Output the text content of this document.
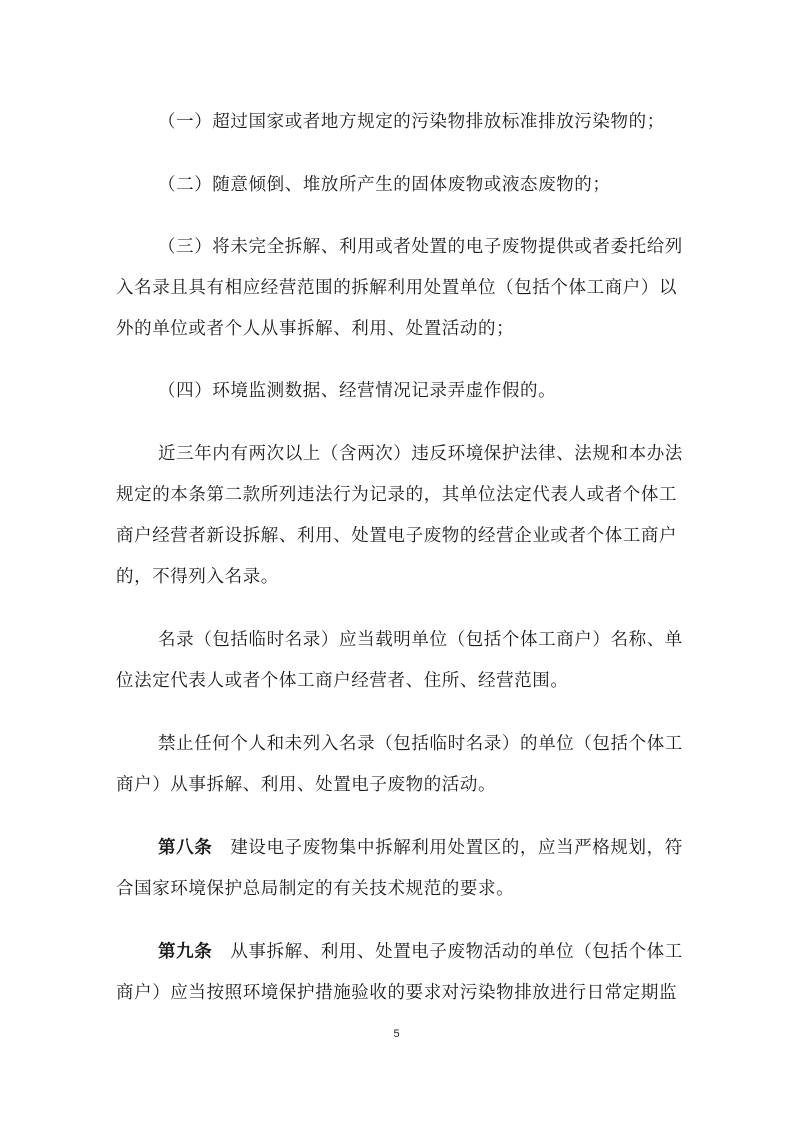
（一）超过国家或者地方规定的污染物排放标准排放污染物的；
（二）随意倾倒、堆放所产生的固体废物或液态废物的；
（三）将未完全拆解、利用或者处置的电子废物提供或者委托给列
入名录且具有相应经营范围的拆解利用处置单位（包括个体工商户）以
外的单位或者个人从事拆解、利用、处置活动的；
（四）环境监测数据、经营情况记录弄虚作假的。
近三年内有两次以上（含两次）违反环境保护法律、法规和本办法
规定的本条第二款所列违法行为记录的，其单位法定代表人或者个体工
商户经营者新设拆解、利用、处置电子废物的经营企业或者个体工商户
的，不得列入名录。
名录（包括临时名录）应当载明单位（包括个体工商户）名称、单
位法定代表人或者个体工商户经营者、住所、经营范围。
禁止任何个人和未列入名录（包括临时名录）的单位（包括个体工
商户）从事拆解、利用、处置电子废物的活动。
第八条 建设电子废物集中拆解利用处置区的，应当严格规划，符
合国家环境保护总局制定的有关技术规范的要求。
第九条 从事拆解、利用、处置电子废物活动的单位（包括个体工
商户）应当按照环境保护措施验收的要求对污染物排放进行日常定期监
5
